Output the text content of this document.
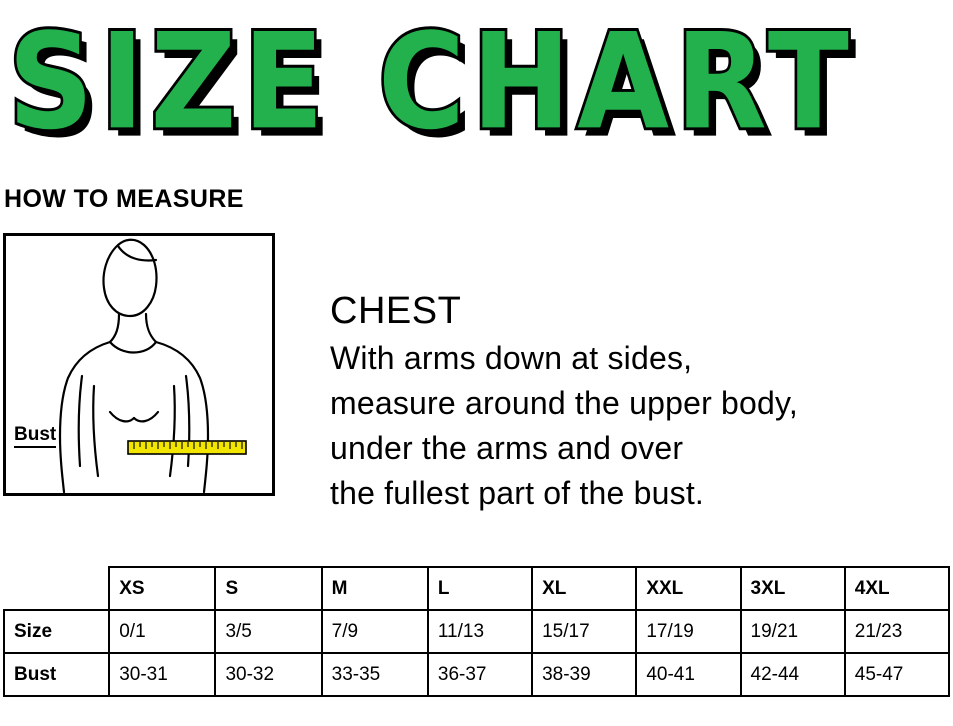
SIZE CHART
HOW TO MEASURE
Bust
CHEST
With arms down at sides,
measure around the upper body,
under the arms and over
the fullest part of the bust.
	XS	S	M	L	XL	XXL	3XL	4XL
Size	0/1	3/5	7/9	11/13	15/17	17/19	19/21	21/23
Bust	30-31	30-32	33-35	36-37	38-39	40-41	42-44	45-47
